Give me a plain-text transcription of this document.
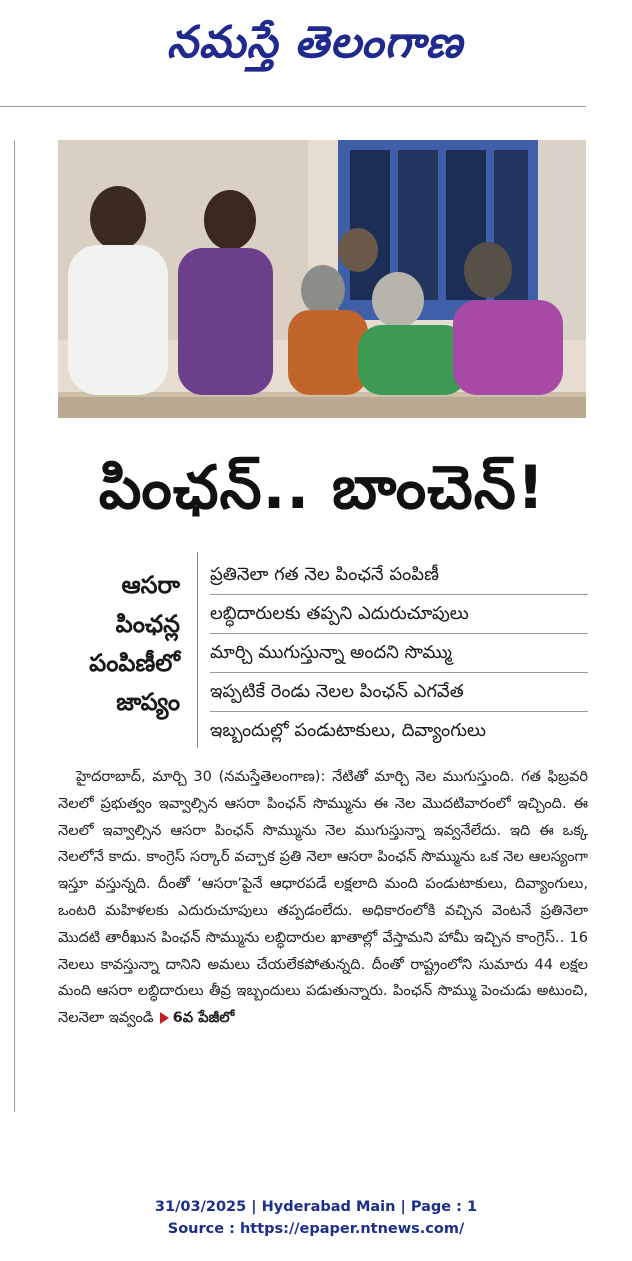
నమస్తే తెలంగాణ
పింఛన్.. బాంచెన్!
ఆసరా
పింఛన్ల
పంపిణీలో
జాప్యం
ప్రతినెలా గత నెల పింఛనే పంపిణీ
లబ్ధిదారులకు తప్పని ఎదురుచూపులు
మార్చి ముగుస్తున్నా అందని సొమ్ము
ఇప్పటికే రెండు నెలల పింఛన్ ఎగవేత
ఇబ్బందుల్లో పండుటాకులు, దివ్యాంగులు

హైదరాబాద్, మార్చి 30 (నమస్తేతెలంగాణ): నేటితో మార్చి నెల ముగుస్తుంది. గత ఫిబ్రవరి నెలలో ప్రభుత్వం ఇవ్వాల్సిన ఆసరా పింఛన్ సొమ్మును ఈ నెల మొదటివారంలో ఇచ్చింది. ఈ నెలలో ఇవ్వాల్సిన ఆసరా పింఛన్ సొమ్మును నెల ముగుస్తున్నా ఇవ్వనేలేదు. ఇది ఈ ఒక్క నెలలోనే కాదు. కాంగ్రెస్ సర్కార్ వచ్చాక ప్రతి నెలా ఆసరా పింఛన్ సొమ్మును ఒక నెల ఆలస్యంగా ఇస్తూ వస్తున్నది. దీంతో ‘ఆసరా’పైనే ఆధారపడే లక్షలాది మంది పండుటాకులు, దివ్యాంగులు, ఒంటరి మహిళలకు ఎదురుచూపులు తప్పడంలేదు. అధికారంలోకి వచ్చిన వెంటనే ప్రతినెలా మొదటి తారీఖున పింఛన్ సొమ్మును లబ్ధిదారుల ఖాతాల్లో వేస్తామని హామీ ఇచ్చిన కాంగ్రెస్.. 16 నెలలు కావస్తున్నా దానిని అమలు చేయలేకపోతున్నది. దీంతో రాష్ట్రంలోని సుమారు 44 లక్షల మంది ఆసరా లబ్ధిదారులు తీవ్ర ఇబ్బందులు పడుతున్నారు. పింఛన్ సొమ్ము పెంచుడు అటుంచి, నెలనెలా ఇవ్వండి 6వ పేజీలో

31/03/2025 | Hyderabad Main | Page : 1
Source : https://epaper.ntnews.com/
